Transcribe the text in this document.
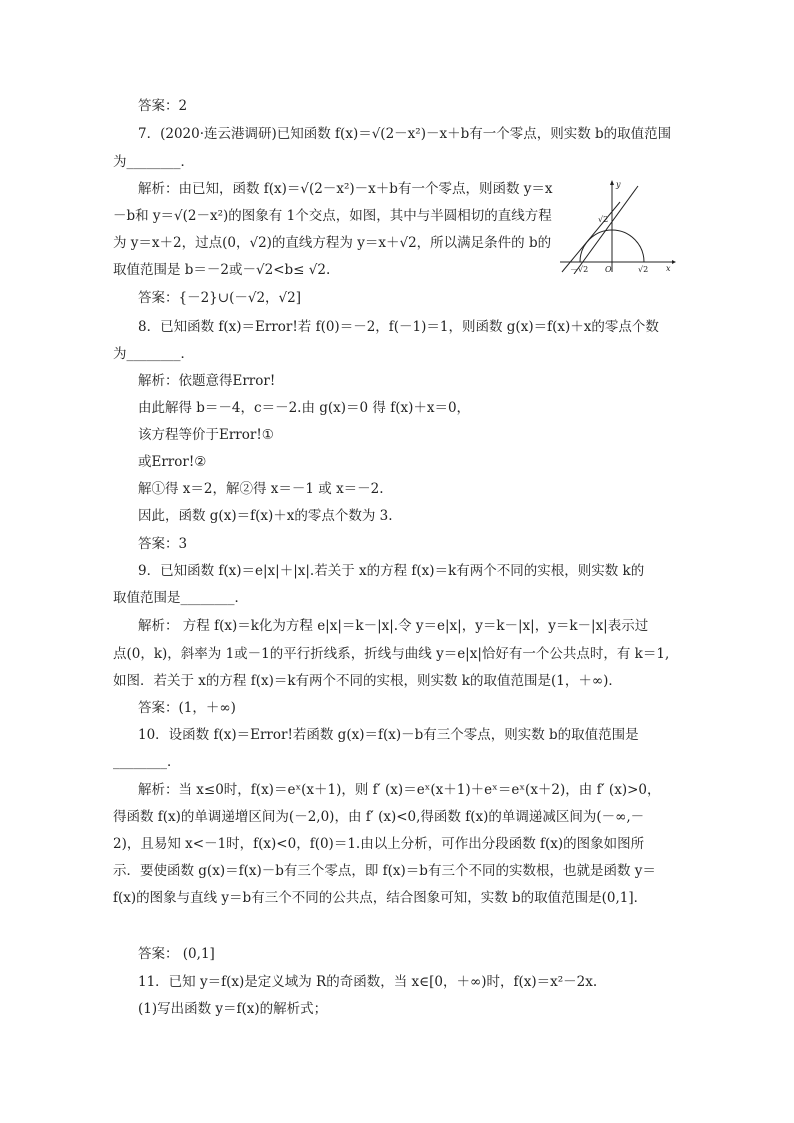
答案：2
7．(2020·连云港调研)已知函数 f(x)＝√(2－x²)－x＋b有一个零点，则实数 b的取值范围
为________．
解析：由已知，函数 f(x)＝√(2－x²)－x＋b有一个零点，则函数 y＝x
－b和 y＝√(2－x²)的图象有 1个交点，如图，其中与半圆相切的直线方程
为 y＝x＋2，过点(0，√2)的直线方程为 y＝x＋√2，所以满足条件的 b的
取值范围是 b＝－2或－√2<b≤ √2.
答案：{－2}∪(－√2，√2]
8．已知函数 f(x)＝Error!若 f(0)＝－2，f(－1)＝1，则函数 g(x)＝f(x)＋x的零点个数
为________．
解析：依题意得Error!
由此解得 b＝－4，c＝－2.由 g(x)＝0 得 f(x)＋x＝0，
该方程等价于Error!①
或Error!②
解①得 x＝2，解②得 x＝－1 或 x＝－2.
因此，函数 g(x)＝f(x)＋x的零点个数为 3.
答案：3
9．已知函数 f(x)＝e|x|＋|x|.若关于 x的方程 f(x)＝k有两个不同的实根，则实数 k的
取值范围是________．
解析： 方程 f(x)＝k化为方程 e|x|＝k－|x|.令 y＝e|x|，y＝k－|x|，y＝k－|x|表示过
点(0，k)，斜率为 1或－1的平行折线系，折线与曲线 y＝e|x|恰好有一个公共点时，有 k＝1,
如图．若关于 x的方程 f(x)＝k有两个不同的实根，则实数 k的取值范围是(1，＋∞)．
答案：(1，＋∞)
10．设函数 f(x)＝Error!若函数 g(x)＝f(x)－b有三个零点，则实数 b的取值范围是
________．
解析：当 x≤0时，f(x)＝eˣ(x＋1)，则 f′ (x)＝eˣ(x＋1)＋eˣ＝eˣ(x＋2)，由 f′ (x)>0，
得函数 f(x)的单调递增区间为(－2,0)，由 f′ (x)<0,得函数 f(x)的单调递减区间为(－∞,－
2)，且易知 x<－1时，f(x)<0，f(0)＝1.由以上分析，可作出分段函数 f(x)的图象如图所
示．要使函数 g(x)＝f(x)－b有三个零点，即 f(x)＝b有三个不同的实数根，也就是函数 y＝
f(x)的图象与直线 y＝b有三个不同的公共点，结合图象可知，实数 b的取值范围是(0,1]．
答案： (0,1]
11．已知 y＝f(x)是定义域为 R的奇函数，当 x∈[0，＋∞)时，f(x)＝x²－2x.
(1)写出函数 y＝f(x)的解析式；
x
y
O
－√2	√2
√2
